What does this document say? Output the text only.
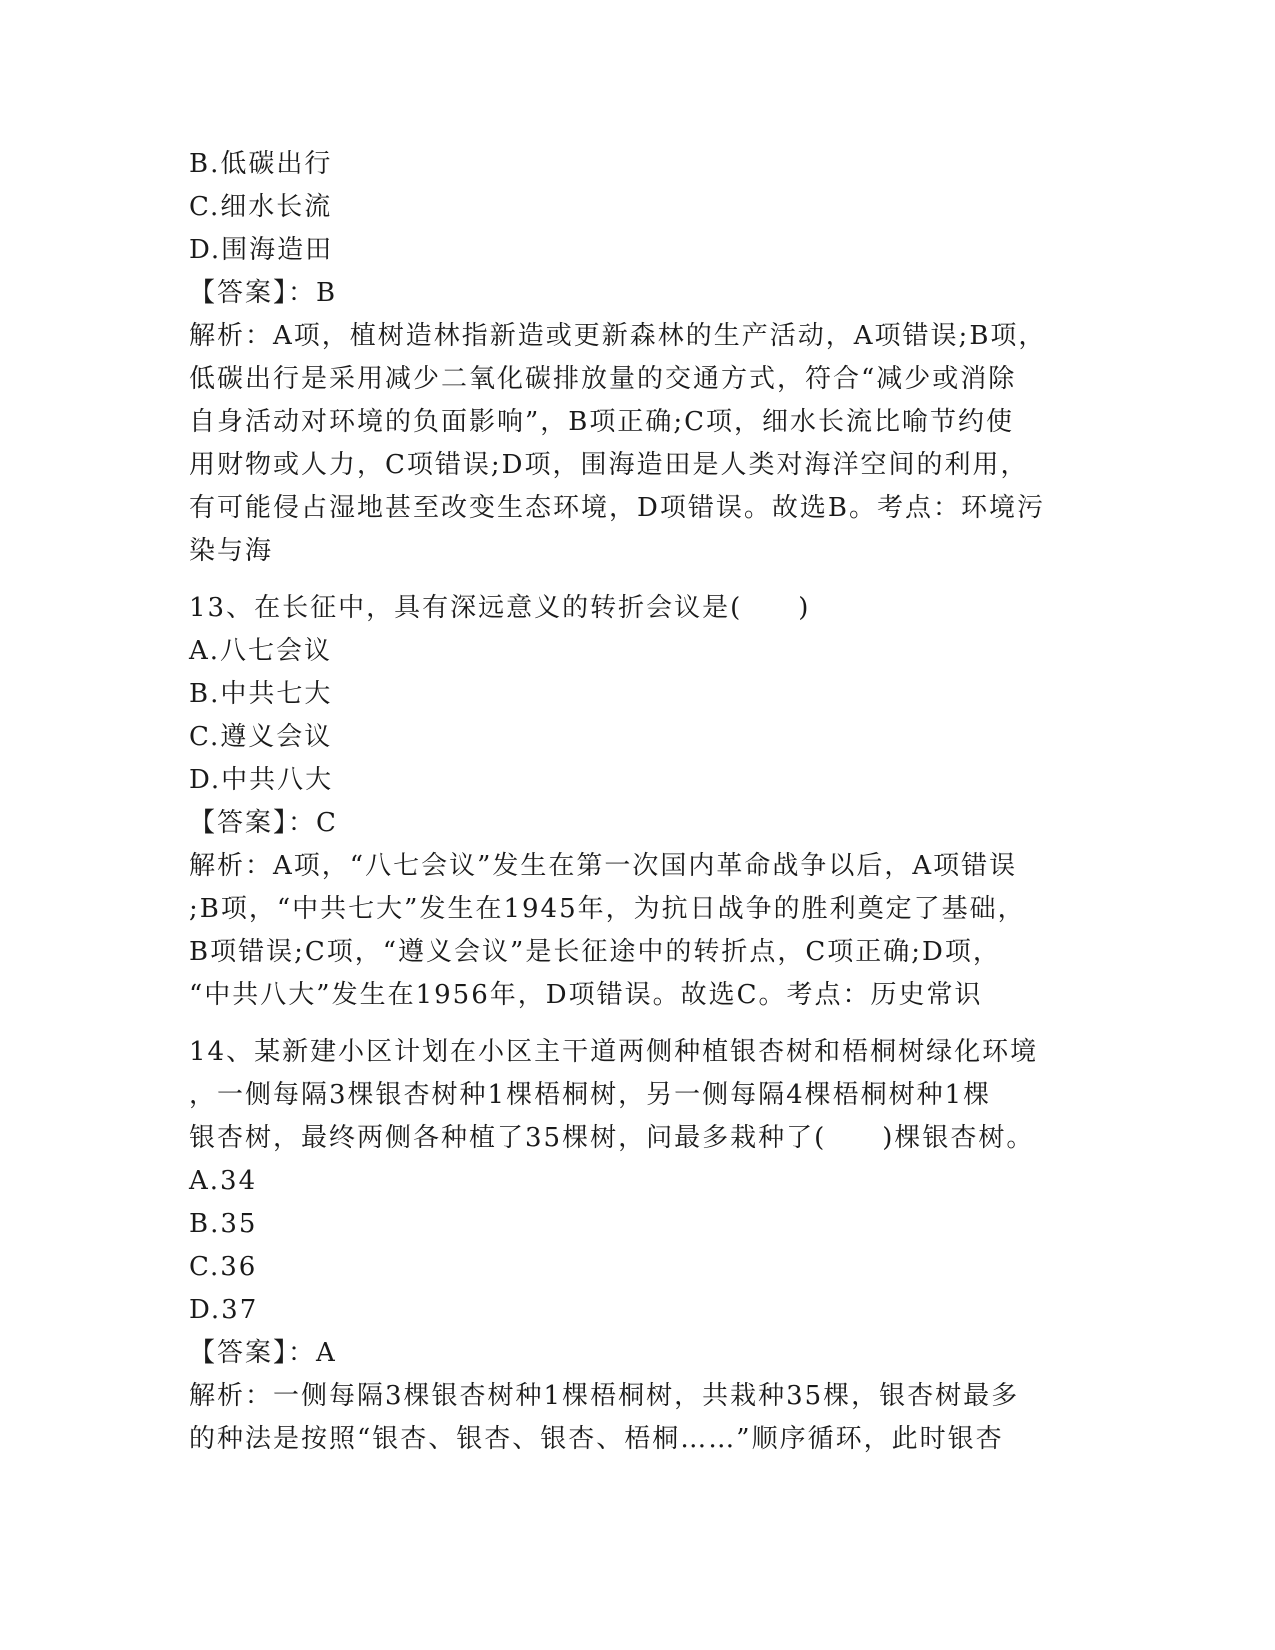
B.低碳出行
C.细水长流
D.围海造田
【答案】：B
解析：A项，植树造林指新造或更新森林的生产活动，A项错误;B项，
低碳出行是采用减少二氧化碳排放量的交通方式，符合“减少或消除
自身活动对环境的负面影响”，B项正确;C项，细水长流比喻节约使
用财物或人力，C项错误;D项，围海造田是人类对海洋空间的利用，
有可能侵占湿地甚至改变生态环境，D项错误。故选B。考点：环境污
染与海
13、在长征中，具有深远意义的转折会议是(　　)
A.八七会议
B.中共七大
C.遵义会议
D.中共八大
【答案】：C
解析：A项，“八七会议”发生在第一次国内革命战争以后，A项错误
;B项，“中共七大”发生在1945年，为抗日战争的胜利奠定了基础，
B项错误;C项，“遵义会议”是长征途中的转折点，C项正确;D项，
“中共八大”发生在1956年，D项错误。故选C。考点：历史常识
14、某新建小区计划在小区主干道两侧种植银杏树和梧桐树绿化环境
，一侧每隔3棵银杏树种1棵梧桐树，另一侧每隔4棵梧桐树种1棵
银杏树，最终两侧各种植了35棵树，问最多栽种了(　　)棵银杏树。
A.34
B.35
C.36
D.37
【答案】：A
解析：一侧每隔3棵银杏树种1棵梧桐树，共栽种35棵，银杏树最多
的种法是按照“银杏、银杏、银杏、梧桐……”顺序循环，此时银杏
